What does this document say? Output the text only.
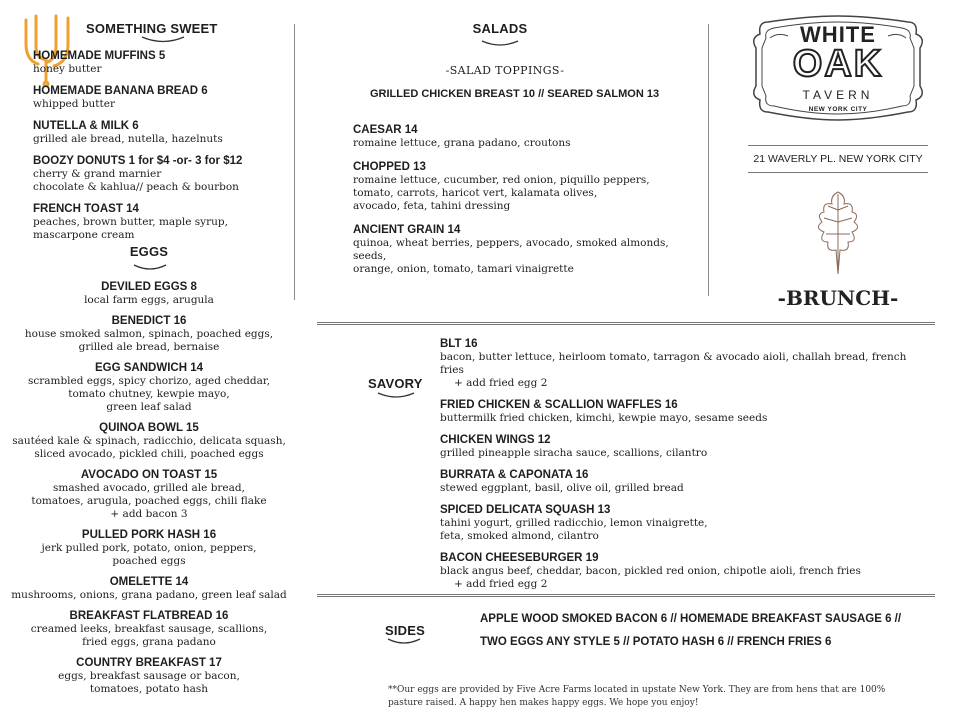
SOMETHING SWEET
HOMEMADE MUFFINS 5
honey butter
HOMEMADE BANANA BREAD 6
whipped butter
NUTELLA & MILK 6
grilled ale bread, nutella, hazelnuts
BOOZY DONUTS 1 for $4 -or- 3 for $12
cherry & grand marnier
chocolate & kahlua// peach & bourbon
FRENCH TOAST 14
peaches, brown butter, maple syrup,
mascarpone cream
EGGS
DEVILED EGGS 8
local farm eggs, arugula
BENEDICT 16
house smoked salmon, spinach, poached eggs,
grilled ale bread, bernaise
EGG SANDWICH 14
scrambled eggs, spicy chorizo, aged cheddar,
tomato chutney, kewpie mayo,
green leaf salad
QUINOA BOWL 15
sautéed kale & spinach, radicchio, delicata squash,
sliced avocado, pickled chili, poached eggs
AVOCADO ON TOAST 15
smashed avocado, grilled ale bread,
tomatoes, arugula, poached eggs, chili flake
+ add bacon 3
PULLED PORK HASH 16
jerk pulled pork, potato, onion, peppers,
poached eggs
OMELETTE 14
mushrooms, onions, grana padano, green leaf salad
BREAKFAST FLATBREAD 16
creamed leeks, breakfast sausage, scallions,
fried eggs, grana padano
COUNTRY BREAKFAST 17
eggs, breakfast sausage or bacon,
tomatoes, potato hash
SALADS
-SALAD TOPPINGS-
GRILLED CHICKEN BREAST 10 // SEARED SALMON 13
CAESAR 14
romaine lettuce, grana padano, croutons
CHOPPED 13
romaine lettuce, cucumber, red onion, piquillo peppers,
tomato, carrots, haricot vert, kalamata olives,
avocado, feta, tahini dressing
ANCIENT GRAIN 14
quinoa, wheat berries, peppers, avocado, smoked almonds, seeds,
orange, onion, tomato, tamari vinaigrette
WHITE
OAK
TAVERN
NEW YORK CITY
21 WAVERLY PL. NEW YORK CITY
-BRUNCH-
SAVORY
BLT 16
bacon, butter lettuce, heirloom tomato, tarragon & avocado aioli, challah bread, french fries
+ add fried egg 2
FRIED CHICKEN & SCALLION WAFFLES 16
buttermilk fried chicken, kimchi, kewpie mayo, sesame seeds
CHICKEN WINGS 12
grilled pineapple siracha sauce, scallions, cilantro
BURRATA & CAPONATA 16
stewed eggplant, basil, olive oil, grilled bread
SPICED DELICATA SQUASH 13
tahini yogurt, grilled radicchio, lemon vinaigrette,
feta, smoked almond, cilantro
BACON CHEESEBURGER 19
black angus beef, cheddar, bacon, pickled red onion, chipotle aioli, french fries
+ add fried egg 2
SIDES
APPLE WOOD SMOKED BACON 6 // HOMEMADE BREAKFAST SAUSAGE 6 //
TWO EGGS ANY STYLE 5 // POTATO HASH 6 // FRENCH FRIES 6
**Our eggs are provided by Five Acre Farms located in upstate New York. They are from hens that are 100%
pasture raised. A happy hen makes happy eggs. We hope you enjoy!
